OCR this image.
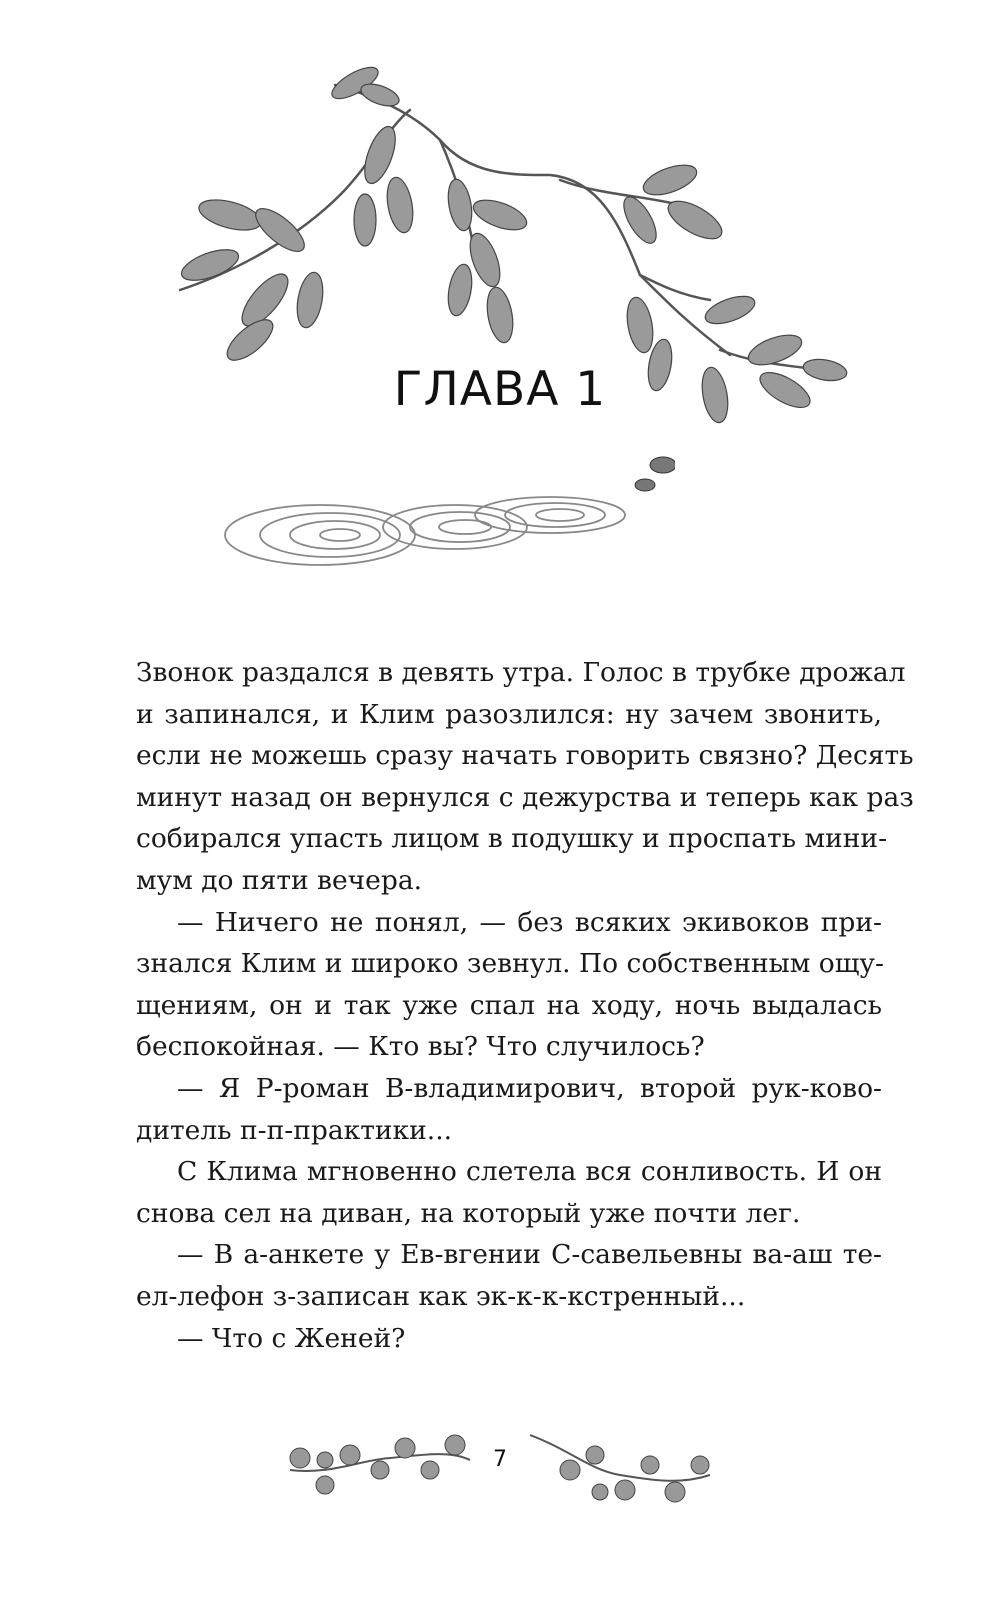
ГЛАВА 1

Звонок раздался в девять утра. Голос в трубке дрожал

и запинался, и Клим разозлился: ну зачем звонить,

если не можешь сразу начать говорить связно? Десять

минут назад он вернулся с дежурства и теперь как раз

собирался упасть лицом в подушку и проспать мини-

мум до пяти вечера.

— Ничего не понял, — без всяких экивоков при-

знался Клим и широко зевнул. По собственным ощу-

щениям, он и так уже спал на ходу, ночь выдалась

беспокойная. — Кто вы? Что случилось?

— Я Р-роман В-владимирович, второй рук-ково-

дитель п-п-практики...

С Клима мгновенно слетела вся сонливость. И он

снова сел на диван, на который уже почти лег.

— В а-анкете у Ев-вгении С-савельевны ва-аш те-

ел-лефон з-записан как эк-к-к-кстренный...

— Что с Женей?

7
